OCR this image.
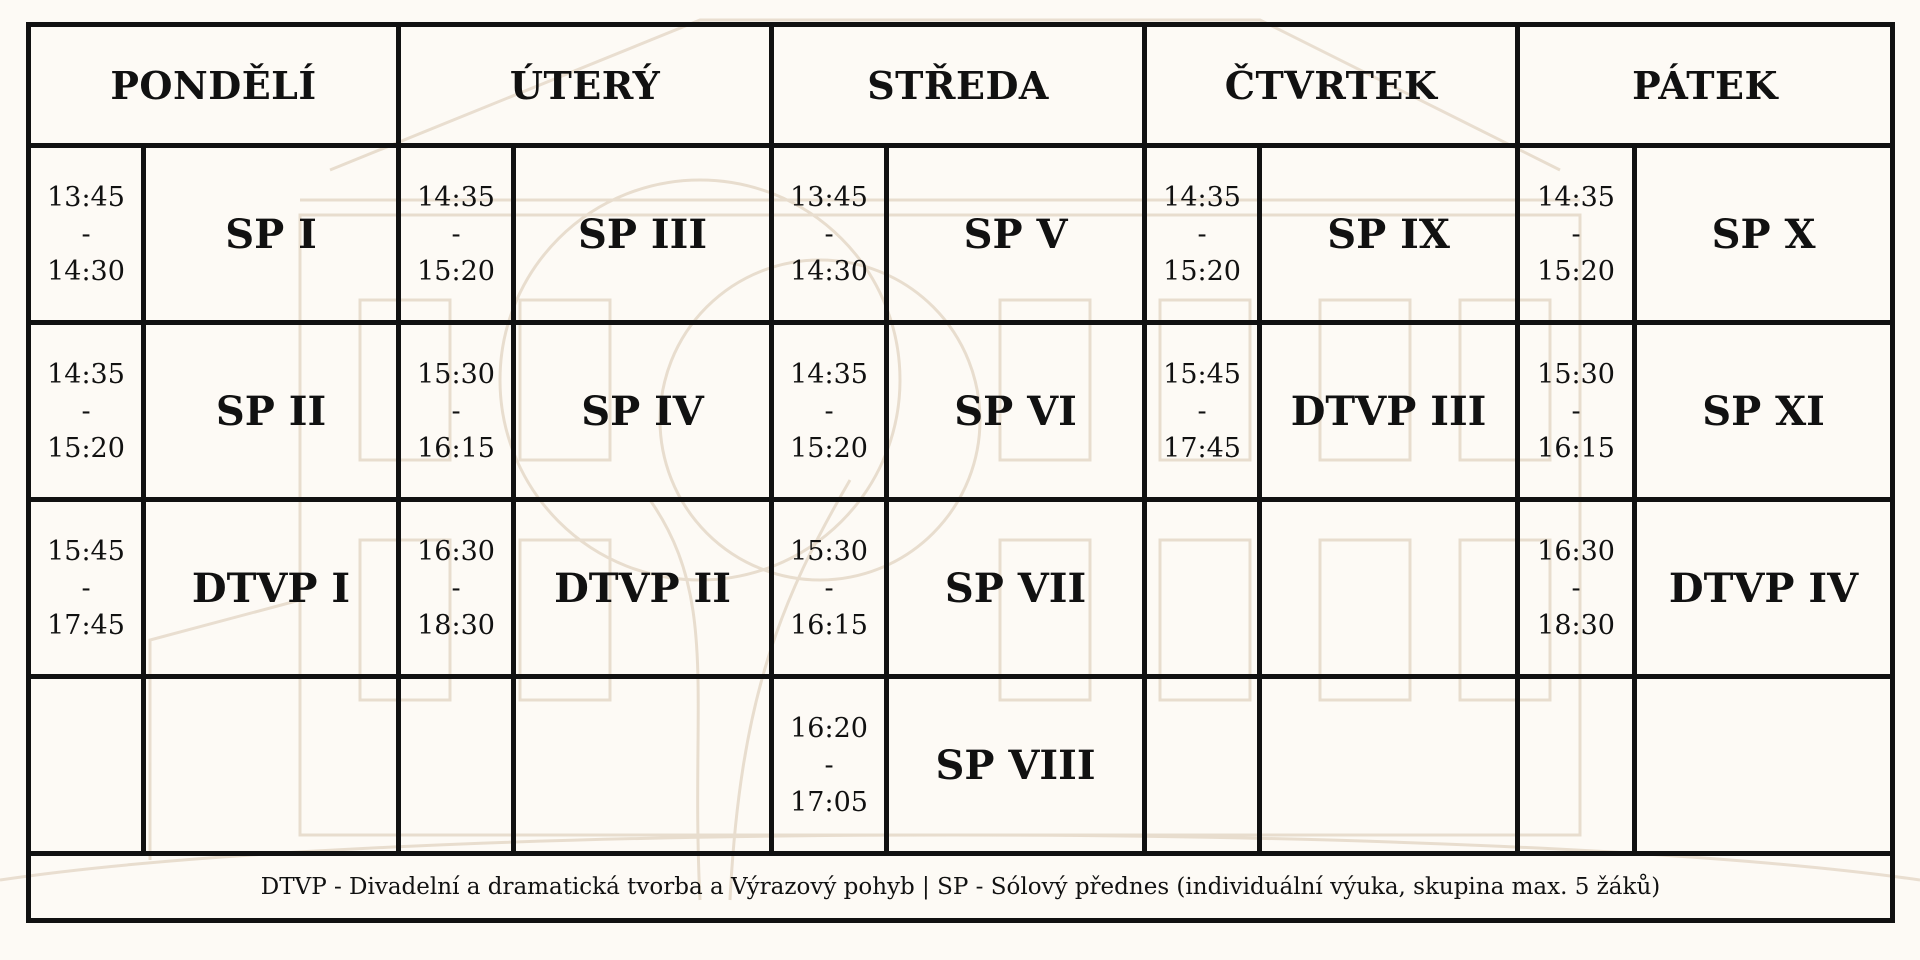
PONDĚLÍ		ÚTERÝ		STŘEDA		ČTVRTEK		PÁTEK	

13:45
-
14:30	SP I	14:35
-
15:20	SP III	13:45
-
14:30	SP V	14:35
-
15:20	SP IX	14:35
-
15:20	SP X

14:35
-
15:20	SP II	15:30
-
16:15	SP IV	14:35
-
15:20	SP VI	15:45
-
17:45	DTVP III	15:30
-
16:15	SP XI

15:45
-
17:45	DTVP I	16:30
-
18:30	DTVP II	15:30
-
16:15	SP VII			16:30
-
18:30	DTVP IV

				16:20
-
17:05	SP VIII	

DTVP - Divadelní a dramatická tvorba a Výrazový pohyb | SP - Sólový přednes (individuální výuka, skupina max. 5 žáků)									
